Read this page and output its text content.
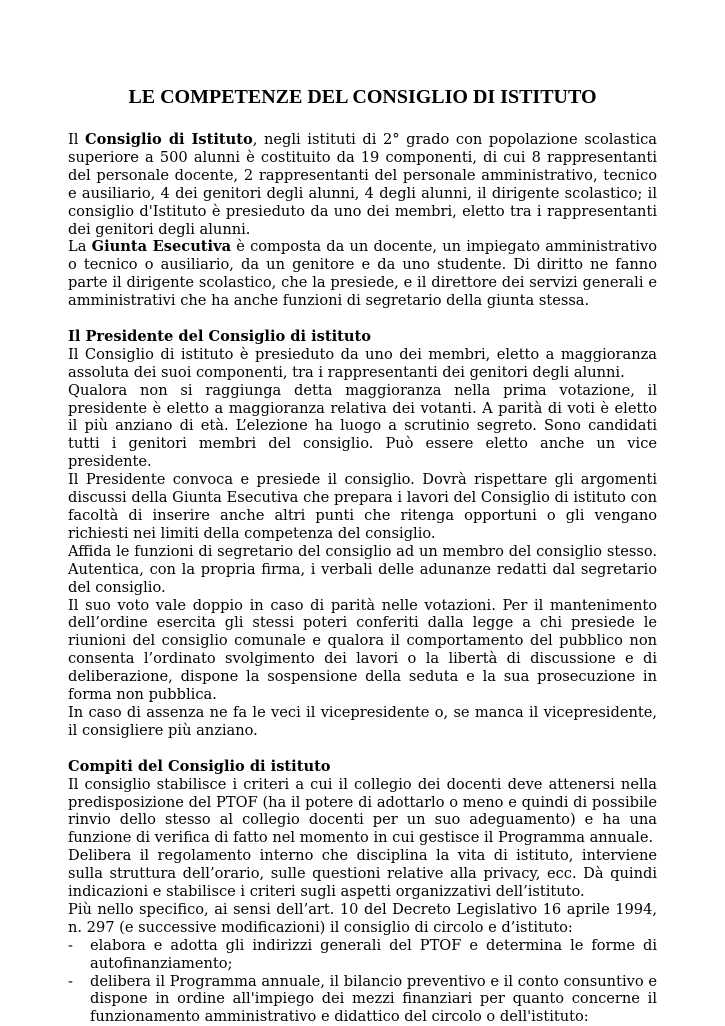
LE COMPETENZE DEL CONSIGLIO DI ISTITUTO

Il Consiglio di Istituto, negli istituti di 2° grado con popolazione scolastica superiore a 500 alunni è costituito da 19 componenti, di cui 8 rappresentanti del personale docente, 2 rappresentanti del personale amministrativo, tecnico e ausiliario, 4 dei genitori degli alunni, 4 degli alunni, il dirigente scolastico; il consiglio d'Istituto è presieduto da uno dei membri, eletto tra i rappresentanti dei genitori degli alunni.

La Giunta Esecutiva è composta da un docente, un impiegato amministrativo o tecnico o ausiliario, da un genitore e da uno studente. Di diritto ne fanno parte il dirigente scolastico, che la presiede, e il direttore dei servizi generali e amministrativi che ha anche funzioni di segretario della giunta stessa.

Il Presidente del Consiglio di istituto

Il Consiglio di istituto è presieduto da uno dei membri, eletto a maggioranza assoluta dei suoi componenti, tra i rappresentanti dei genitori degli alunni.

Qualora non si raggiunga detta maggioranza nella prima votazione, il presidente è eletto a maggioranza relativa dei votanti. A parità di voti è eletto il più anziano di età. L’elezione ha luogo a scrutinio segreto. Sono candidati tutti i genitori membri del consiglio. Può essere eletto anche un vice presidente.

Il Presidente convoca e presiede il consiglio. Dovrà rispettare gli argomenti discussi della Giunta Esecutiva che prepara i lavori del Consiglio di istituto con facoltà di inserire anche altri punti che ritenga opportuni o gli vengano richiesti nei limiti della competenza del consiglio.

Affida le funzioni di segretario del consiglio ad un membro del consiglio stesso. Autentica, con la propria firma, i verbali delle adunanze redatti dal segretario del consiglio.

Il suo voto vale doppio in caso di parità nelle votazioni. Per il mantenimento dell’ordine esercita gli stessi poteri conferiti dalla legge a chi presiede le riunioni del consiglio comunale e qualora il comportamento del pubblico non consenta l’ordinato svolgimento dei lavori o la libertà di discussione e di deliberazione, dispone la sospensione della seduta e la sua prosecuzione in forma non pubblica.

In caso di assenza ne fa le veci il vicepresidente o, se manca il vicepresidente, il consigliere più anziano.

Compiti del Consiglio di istituto

Il consiglio stabilisce i criteri a cui il collegio dei docenti deve attenersi nella predisposizione del PTOF (ha il potere di adottarlo o meno e quindi di possibile rinvio dello stesso al collegio docenti per un suo adeguamento) e ha una funzione di verifica di fatto nel momento in cui gestisce il Programma annuale.

Delibera il regolamento interno che disciplina la vita di istituto, interviene sulla struttura dell’orario, sulle questioni relative alla privacy, ecc. Dà quindi indicazioni e stabilisce i criteri sugli aspetti organizzativi dell’istituto.

Più nello specifico, ai sensi dell’art. 10 del Decreto Legislativo 16 aprile 1994, n. 297 (e successive modificazioni) il consiglio di circolo e d’istituto:

- elabora e adotta gli indirizzi generali del PTOF e determina le forme di autofinanziamento;
- delibera il Programma annuale, il bilancio preventivo e il conto consuntivo e dispone in ordine all'impiego dei mezzi finanziari per quanto concerne il funzionamento amministrativo e didattico del circolo o dell'istituto:
